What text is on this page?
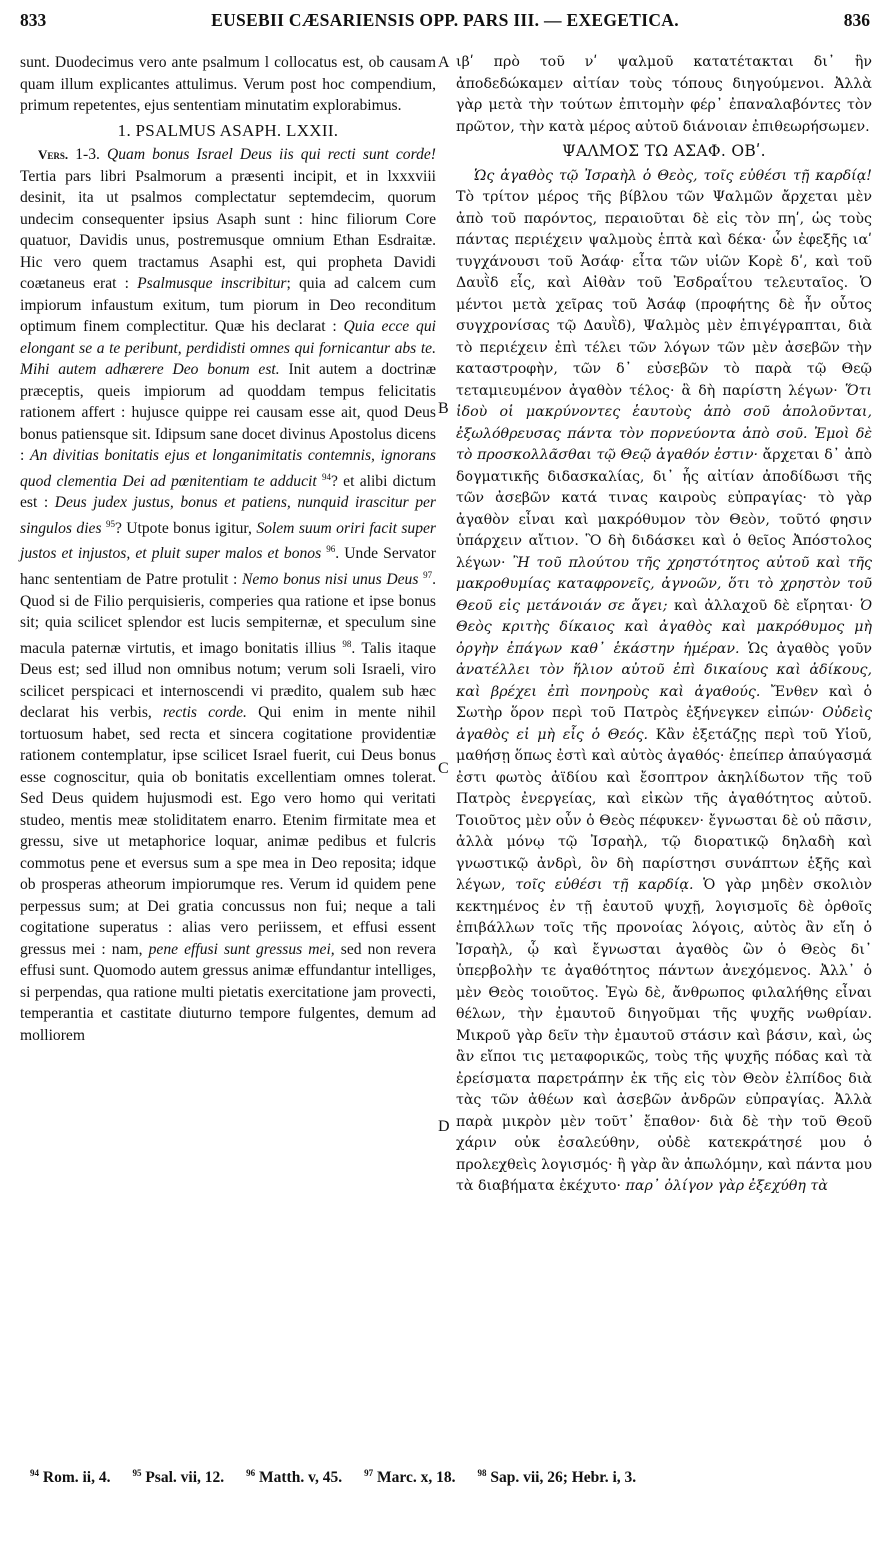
833	EUSEBII CÆSARIENSIS OPP. PARS III. — EXEGETICA.	836
A
B
C
D

sunt. Duodecimus vero ante psalmum l collocatus est, ob causam quam illum explicantes attulimus. Verum post hoc compendium, primum repetentes, ejus sententiam minutatim explorabimus.

1. PSALMUS ASAPH. LXXII.

Vers. 1-3. Quam bonus Israel Deus iis qui recti sunt corde! Tertia pars libri Psalmorum a præsenti incipit, et in lxxxviii desinit, ita ut psalmos complectatur septemdecim, quorum undecim consequenter ipsius Asaph sunt : hinc filiorum Core quatuor, Davidis unus, postremusque omnium Ethan Esdraitæ. Hic vero quem tractamus Asaphi est, qui propheta Davidi coætaneus erat : Psalmusque inscribitur; quia ad calcem cum impiorum infaustum exitum, tum piorum in Deo reconditum optimum finem complectitur. Quæ his declarat : Quia ecce qui elongant se a te peribunt, perdidisti omnes qui fornicantur abs te. Mihi autem adhærere Deo bonum est. Init autem a doctrinæ præceptis, queis impiorum ad quoddam tempus felicitatis rationem affert : hujusce quippe rei causam esse ait, quod Deus bonus patiensque sit. Idipsum sane docet divinus Apostolus dicens : An divitias bonitatis ejus et longanimitatis contemnis, ignorans quod clementia Dei ad pœnitentiam te adducit $^{94}$? et alibi dictum est : Deus judex justus, bonus et patiens, nunquid irascitur per singulos dies $^{95}$? Utpote bonus igitur, Solem suum oriri facit super justos et injustos, et pluit super malos et bonos $^{96}$. Unde Servator hanc sententiam de Patre protulit : Nemo bonus nisi unus Deus $^{97}$. Quod si de Filio perquisieris, comperies qua ratione et ipse bonus sit; quia scilicet splendor est lucis sempiternæ, et speculum sine macula paternæ virtutis, et imago bonitatis illius $^{98}$. Talis itaque Deus est; sed illud non omnibus notum; verum soli Israeli, viro scilicet perspicaci et internoscendi vi prædito, qualem sub hæc declarat his verbis, rectis corde. Qui enim in mente nihil tortuosum habet, sed recta et sincera cogitatione providentiæ rationem contemplatur, ipse scilicet Israel fuerit, cui Deus bonus esse cognoscitur, quia ob bonitatis excellentiam omnes tolerat. Sed Deus quidem hujusmodi est. Ego vero homo qui veritati studeo, mentis meæ stoliditatem enarro. Etenim firmitate mea et gressu, sive ut metaphorice loquar, animæ pedibus et fulcris commotus pene et eversus sum a spe mea in Deo reposita; idque ob prosperas atheorum impiorumque res. Verum id quidem pene perpessus sum; at Dei gratia concussus non fui; neque a tali cogitatione superatus : alias vero periissem, et effusi essent gressus mei : nam, pene effusi sunt gressus mei, sed non revera effusi sunt. Quomodo autem gressus animæ effundantur intelliges, si perpendas, qua ratione multi pietatis exercitatione jam provecti, temperantia et castitate diuturno tempore fulgentes, demum ad molliorem

ιβʹ πρὸ τοῦ νʹ ψαλμοῦ κατατέτακται δι᾽ ἣν ἀποδεδώκαμεν αἰτίαν τοὺς τόπους διηγούμενοι. Ἀλλὰ γὰρ μετὰ τὴν τούτων ἐπιτομὴν φέρ᾽ ἐπαναλαβόντες τὸν πρῶτον, τὴν κατὰ μέρος αὐτοῦ διάνοιαν ἐπιθεωρήσωμεν.

ΨΑΛΜΟΣ ΤΩ ΑΣΑΦ. ΟΒʹ.

Ὡς ἀγαθὸς τῷ Ἰσραὴλ ὁ Θεὸς, τοῖς εὐθέσι τῇ καρδίᾳ! Τὸ τρίτον μέρος τῆς βίβλου τῶν Ψαλμῶν ἄρχεται μὲν ἀπὸ τοῦ παρόντος, περαιοῦται δὲ εἰς τὸν πηʹ, ὡς τοὺς πάντας περιέχειν ψαλμοὺς ἑπτὰ καὶ δέκα· ὧν ἐφεξῆς ιαʹ τυγχάνουσι τοῦ Ἀσάφ· εἶτα τῶν υἱῶν Κορὲ δʹ, καὶ τοῦ Δαυῒδ εἷς, καὶ Αἰθὰν τοῦ Ἐσδραΐτου τελευταῖος. Ὁ μέντοι μετὰ χεῖρας τοῦ Ἀσάφ (προφήτης δὲ ἦν οὗτος συγχρονίσας τῷ Δαυῒδ), Ψαλμὸς μὲν ἐπιγέγραπται, διὰ τὸ περιέχειν ἐπὶ τέλει τῶν λόγων τῶν μὲν ἀσεβῶν τὴν καταστροφὴν, τῶν δ᾽ εὐσεβῶν τὸ παρὰ τῷ Θεῷ τεταμιευμένον ἀγαθὸν τέλος· ἃ δὴ παρίστη λέγων· Ὅτι ἰδοὺ οἱ μακρύνοντες ἑαυτοὺς ἀπὸ σοῦ ἀπολοῦνται, ἐξωλόθρευσας πάντα τὸν πορνεύοντα ἀπὸ σοῦ. Ἐμοὶ δὲ τὸ προσκολλᾶσθαι τῷ Θεῷ ἀγαθόν ἐστιν· ἄρχεται δ᾽ ἀπὸ δογματικῆς διδασκαλίας, δι᾽ ἧς αἰτίαν ἀποδίδωσι τῆς τῶν ἀσεβῶν κατά τινας καιροὺς εὐπραγίας· τὸ γὰρ ἀγαθὸν εἶναι καὶ μακρόθυμον τὸν Θεὸν, τοῦτό φησιν ὑπάρχειν αἴτιον. Ὃ δὴ διδάσκει καὶ ὁ θεῖος Ἀπόστολος λέγων· Ἢ τοῦ πλούτου τῆς χρηστότητος αὐτοῦ καὶ τῆς μακροθυμίας καταφρονεῖς, ἀγνοῶν, ὅτι τὸ χρηστὸν τοῦ Θεοῦ εἰς μετάνοιάν σε ἄγει; καὶ ἀλλαχοῦ δὲ εἴρηται· Ὁ Θεὸς κριτὴς δίκαιος καὶ ἀγαθὸς καὶ μακρόθυμος μὴ ὀργὴν ἐπάγων καθ᾽ ἑκάστην ἡμέραν. Ὡς ἀγαθὸς γοῦν ἀνατέλλει τὸν ἥλιον αὐτοῦ ἐπὶ δικαίους καὶ ἀδίκους, καὶ βρέχει ἐπὶ πονηροὺς καὶ ἀγαθούς. Ἔνθεν καὶ ὁ Σωτὴρ ὅρον περὶ τοῦ Πατρὸς ἐξήνεγκεν εἰπών· Οὐδεὶς ἀγαθὸς εἰ μὴ εἷς ὁ Θεός. Κἂν ἐξετάζῃς περὶ τοῦ Υἱοῦ, μαθήσῃ ὅπως ἐστὶ καὶ αὐτὸς ἀγαθός· ἐπείπερ ἀπαύγασμά ἐστι φωτὸς ἀϊδίου καὶ ἔσοπτρον ἀκηλίδωτον τῆς τοῦ Πατρὸς ἐνεργείας, καὶ εἰκὼν τῆς ἀγαθότητος αὐτοῦ. Τοιοῦτος μὲν οὖν ὁ Θεὸς πέφυκεν· ἔγνωσται δὲ οὐ πᾶσιν, ἀλλὰ μόνῳ τῷ Ἰσραὴλ, τῷ διορατικῷ δηλαδὴ καὶ γνωστικῷ ἀνδρὶ, ὃν δὴ παρίστησι συνάπτων ἑξῆς καὶ λέγων, τοῖς εὐθέσι τῇ καρδίᾳ. Ὁ γὰρ μηδὲν σκολιὸν κεκτημένος ἐν τῇ ἑαυτοῦ ψυχῇ, λογισμοῖς δὲ ὀρθοῖς ἐπιβάλλων τοῖς τῆς προνοίας λόγοις, αὐτὸς ἂν εἴη ὁ Ἰσραὴλ, ᾧ καὶ ἔγνωσται ἀγαθὸς ὢν ὁ Θεὸς δι᾽ ὑπερβολὴν τε ἀγαθότητος πάντων ἀνεχόμενος. Ἀλλ᾽ ὁ μὲν Θεὸς τοιοῦτος. Ἐγὼ δὲ, ἄνθρωπος φιλαλήθης εἶναι θέλων, τὴν ἐμαυτοῦ διηγοῦμαι τῆς ψυχῆς νωθρίαν. Μικροῦ γὰρ δεῖν τὴν ἐμαυτοῦ στάσιν καὶ βάσιν, καὶ, ὡς ἂν εἴποι τις μεταφορικῶς, τοὺς τῆς ψυχῆς πόδας καὶ τὰ ἐρείσματα παρετράπην ἐκ τῆς εἰς τὸν Θεὸν ἐλπίδος διὰ τὰς τῶν ἀθέων καὶ ἀσεβῶν ἀνδρῶν εὐπραγίας. Ἀλλὰ παρὰ μικρὸν μὲν τοῦτ᾽ ἔπαθον· διὰ δὲ τὴν τοῦ Θεοῦ χάριν οὐκ ἐσαλεύθην, οὐδὲ κατεκράτησέ μου ὁ προλεχθεὶς λογισμός· ἢ γὰρ ἂν ἀπωλόμην, καὶ πάντα μου τὰ διαβήματα ἐκέχυτο· παρ᾽ ὀλίγον γὰρ ἐξεχύθη τὰ

$^{94}$ Rom. ii, 4. $^{95}$ Psal. vii, 12. $^{96}$ Matth. v, 45. $^{97}$ Marc. x, 18. $^{98}$ Sap. vii, 26; Hebr. i, 3.
